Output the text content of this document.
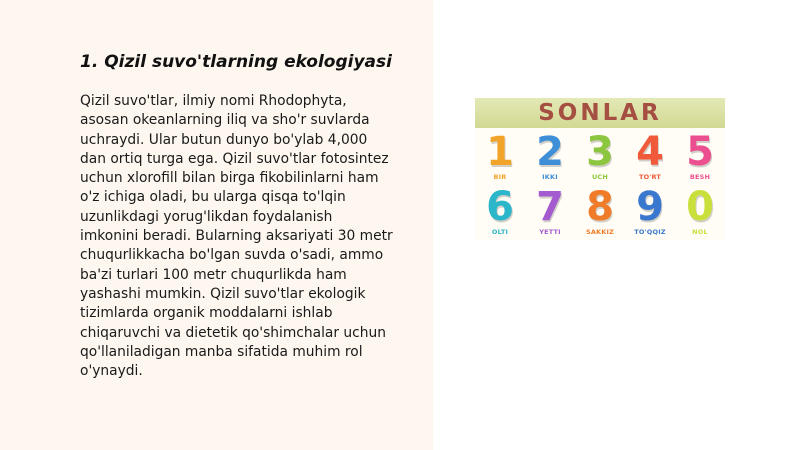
1. Qizil suvo'tlarning ekologiyasi

Qizil suvo'tlar, ilmiy nomi Rhodophyta,
asosan okeanlarning iliq va sho'r suvlarda
uchraydi. Ular butun dunyo bo'ylab 4,000
dan ortiq turga ega. Qizil suvo'tlar fotosintez
uchun xlorofill bilan birga fikobilinlarni ham
o'z ichiga oladi, bu ularga qisqa to'lqin
uzunlikdagi yorug'likdan foydalanish
imkonini beradi. Bularning aksariyati 30 metr
chuqurlikkacha bo'lgan suvda o'sadi, ammo
ba'zi turlari 100 metr chuqurlikda ham
yashashi mumkin. Qizil suvo'tlar ekologik
tizimlarda organik moddalarni ishlab
chiqaruvchi va dietetik qo'shimchalar uchun
qo'llaniladigan manba sifatida muhim rol
o'ynaydi.

SONLAR
1
BIR
2
IKKI
3
UCH
4
TO'RT
5
BESH
6
OLTI
7
YETTI
8
SAKKIZ
9
TO'QQIZ
0
NOL
